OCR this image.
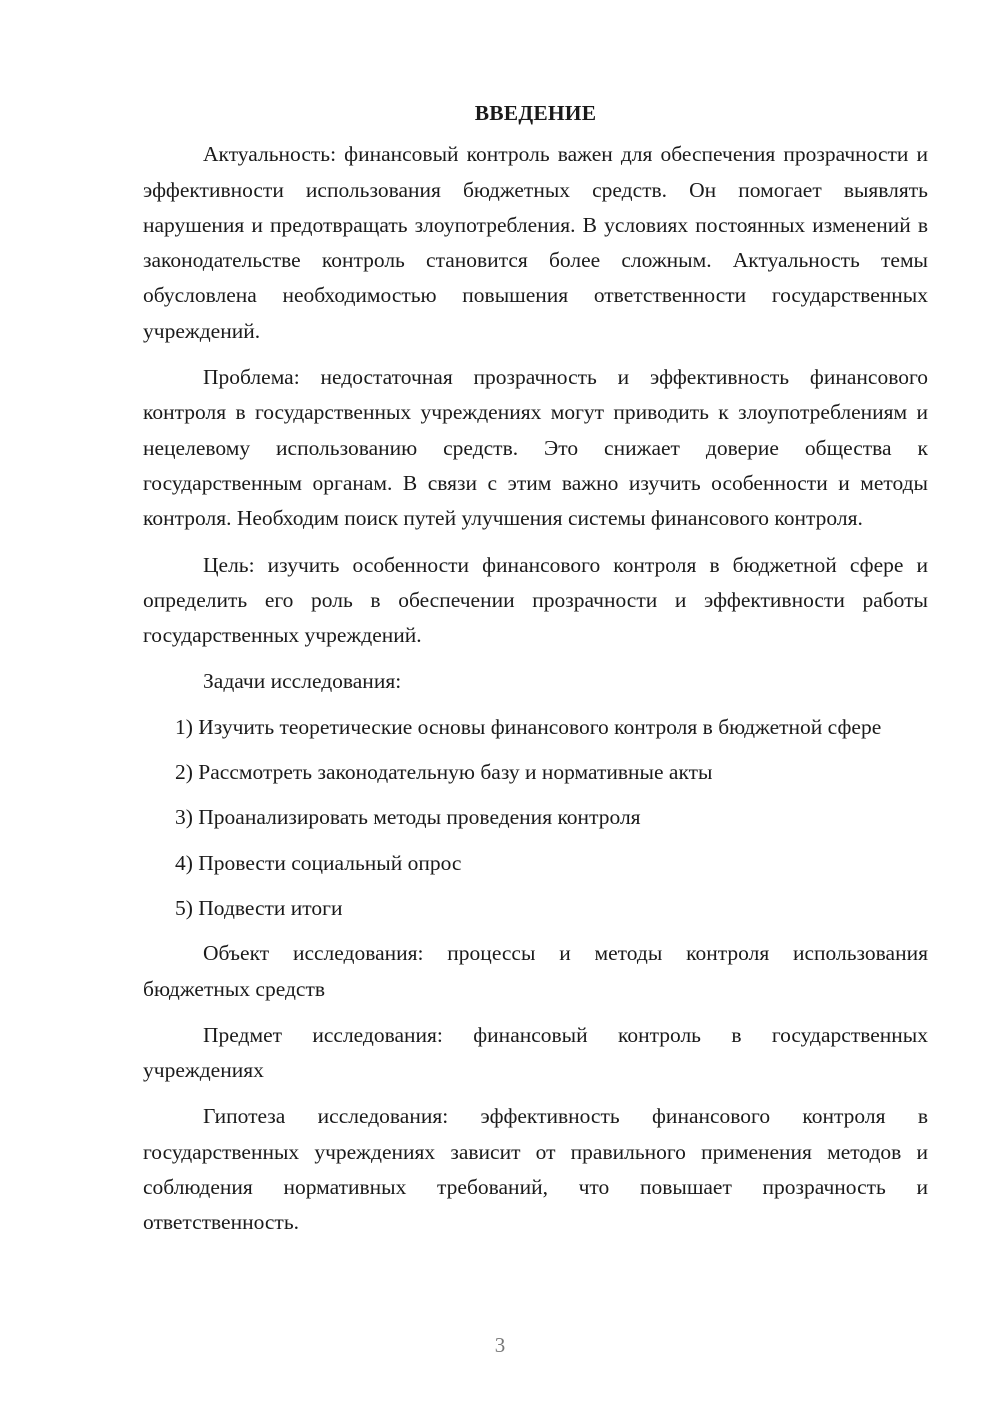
ВВЕДЕНИЕ

Актуальность: финансовый контроль важен для обеспечения прозрачности и эффективности использования бюджетных средств. Он помогает выявлять нарушения и предотвращать злоупотребления. В условиях постоянных изменений в законодательстве контроль становится более сложным. Актуальность темы обусловлена необходимостью повышения ответственности государственных учреждений.

Проблема: недостаточная прозрачность и эффективность финансового контроля в государственных учреждениях могут приводить к злоупотреблениям и нецелевому использованию средств. Это снижает доверие общества к государственным органам. В связи с этим важно изучить особенности и методы контроля. Необходим поиск путей улучшения системы финансового контроля.

Цель: изучить особенности финансового контроля в бюджетной сфере и определить его роль в обеспечении прозрачности и эффективности работы государственных учреждений.

Задачи исследования:

1) Изучить теоретические основы финансового контроля в бюджетной сфере

2) Рассмотреть законодательную базу и нормативные акты

3) Проанализировать методы проведения контроля

4) Провести социальный опрос

5) Подвести итоги

Объект исследования: процессы и методы контроля использования бюджетных средств

Предмет исследования: финансовый контроль в государственных учреждениях

Гипотеза исследования: эффективность финансового контроля в государственных учреждениях зависит от правильного применения методов и соблюдения нормативных требований, что повышает прозрачность и ответственность.

3
